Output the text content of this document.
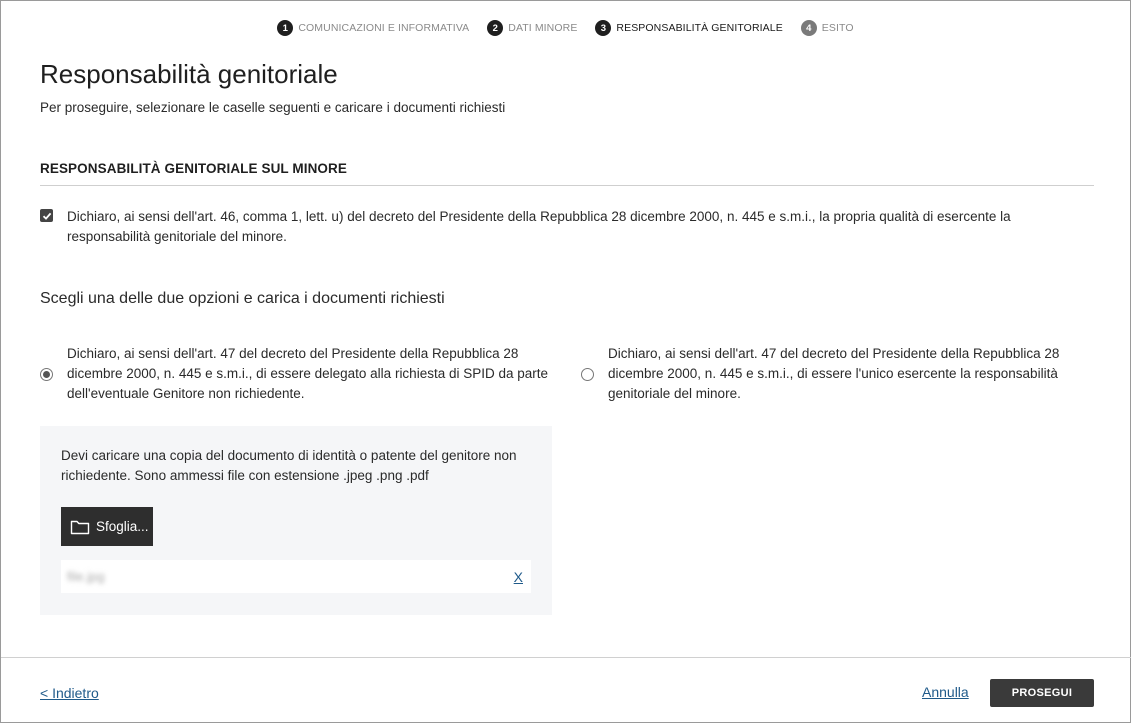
1 COMUNICAZIONI E INFORMATIVA	2 DATI MINORE	3 RESPONSABILITÀ GENITORIALE	4 ESITO
Responsabilità genitoriale
Per proseguire, selezionare le caselle seguenti e caricare i documenti richiesti
RESPONSABILITÀ GENITORIALE SUL MINORE
Dichiaro, ai sensi dell'art. 46, comma 1, lett. u) del decreto del Presidente della Repubblica 28 dicembre 2000, n. 445 e s.m.i., la propria qualità di esercente la responsabilità genitoriale del minore.
Scegli una delle due opzioni e carica i documenti richiesti
Dichiaro, ai sensi dell'art. 47 del decreto del Presidente della Repubblica 28 dicembre 2000, n. 445 e s.m.i., di essere delegato alla richiesta di SPID da parte dell'eventuale Genitore non richiedente.
Dichiaro, ai sensi dell'art. 47 del decreto del Presidente della Repubblica 28 dicembre 2000, n. 445 e s.m.i., di essere l'unico esercente la responsabilità genitoriale del minore.
Devi caricare una copia del documento di identità o patente del genitore non richiedente. Sono ammessi file con estensione .jpeg .png .pdf
Sfoglia...
file.jpg	X
< Indietro	Annulla	PROSEGUI
